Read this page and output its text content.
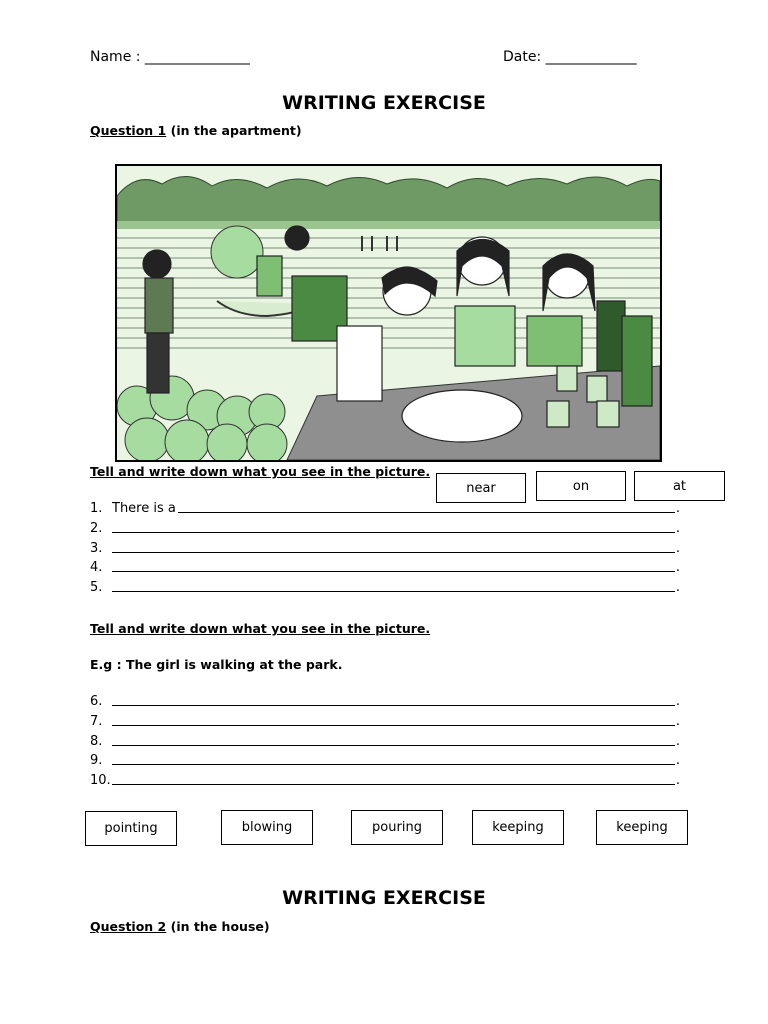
Name : _______________	Date: _____________
WRITING EXERCISE
Question 1 (in the apartment)
Tell and write down what you see in the picture.
near	on	at
1. There is a	.
2.	.
3.	.
4.	.
5.	.
Tell and write down what you see in the picture.
E.g : The girl is walking at the park.
6.	.
7.	.
8.	.
9.	.
10.	.
pointing	blowing	pouring	keeping	keeping
WRITING EXERCISE
Question 2 (in the house)
